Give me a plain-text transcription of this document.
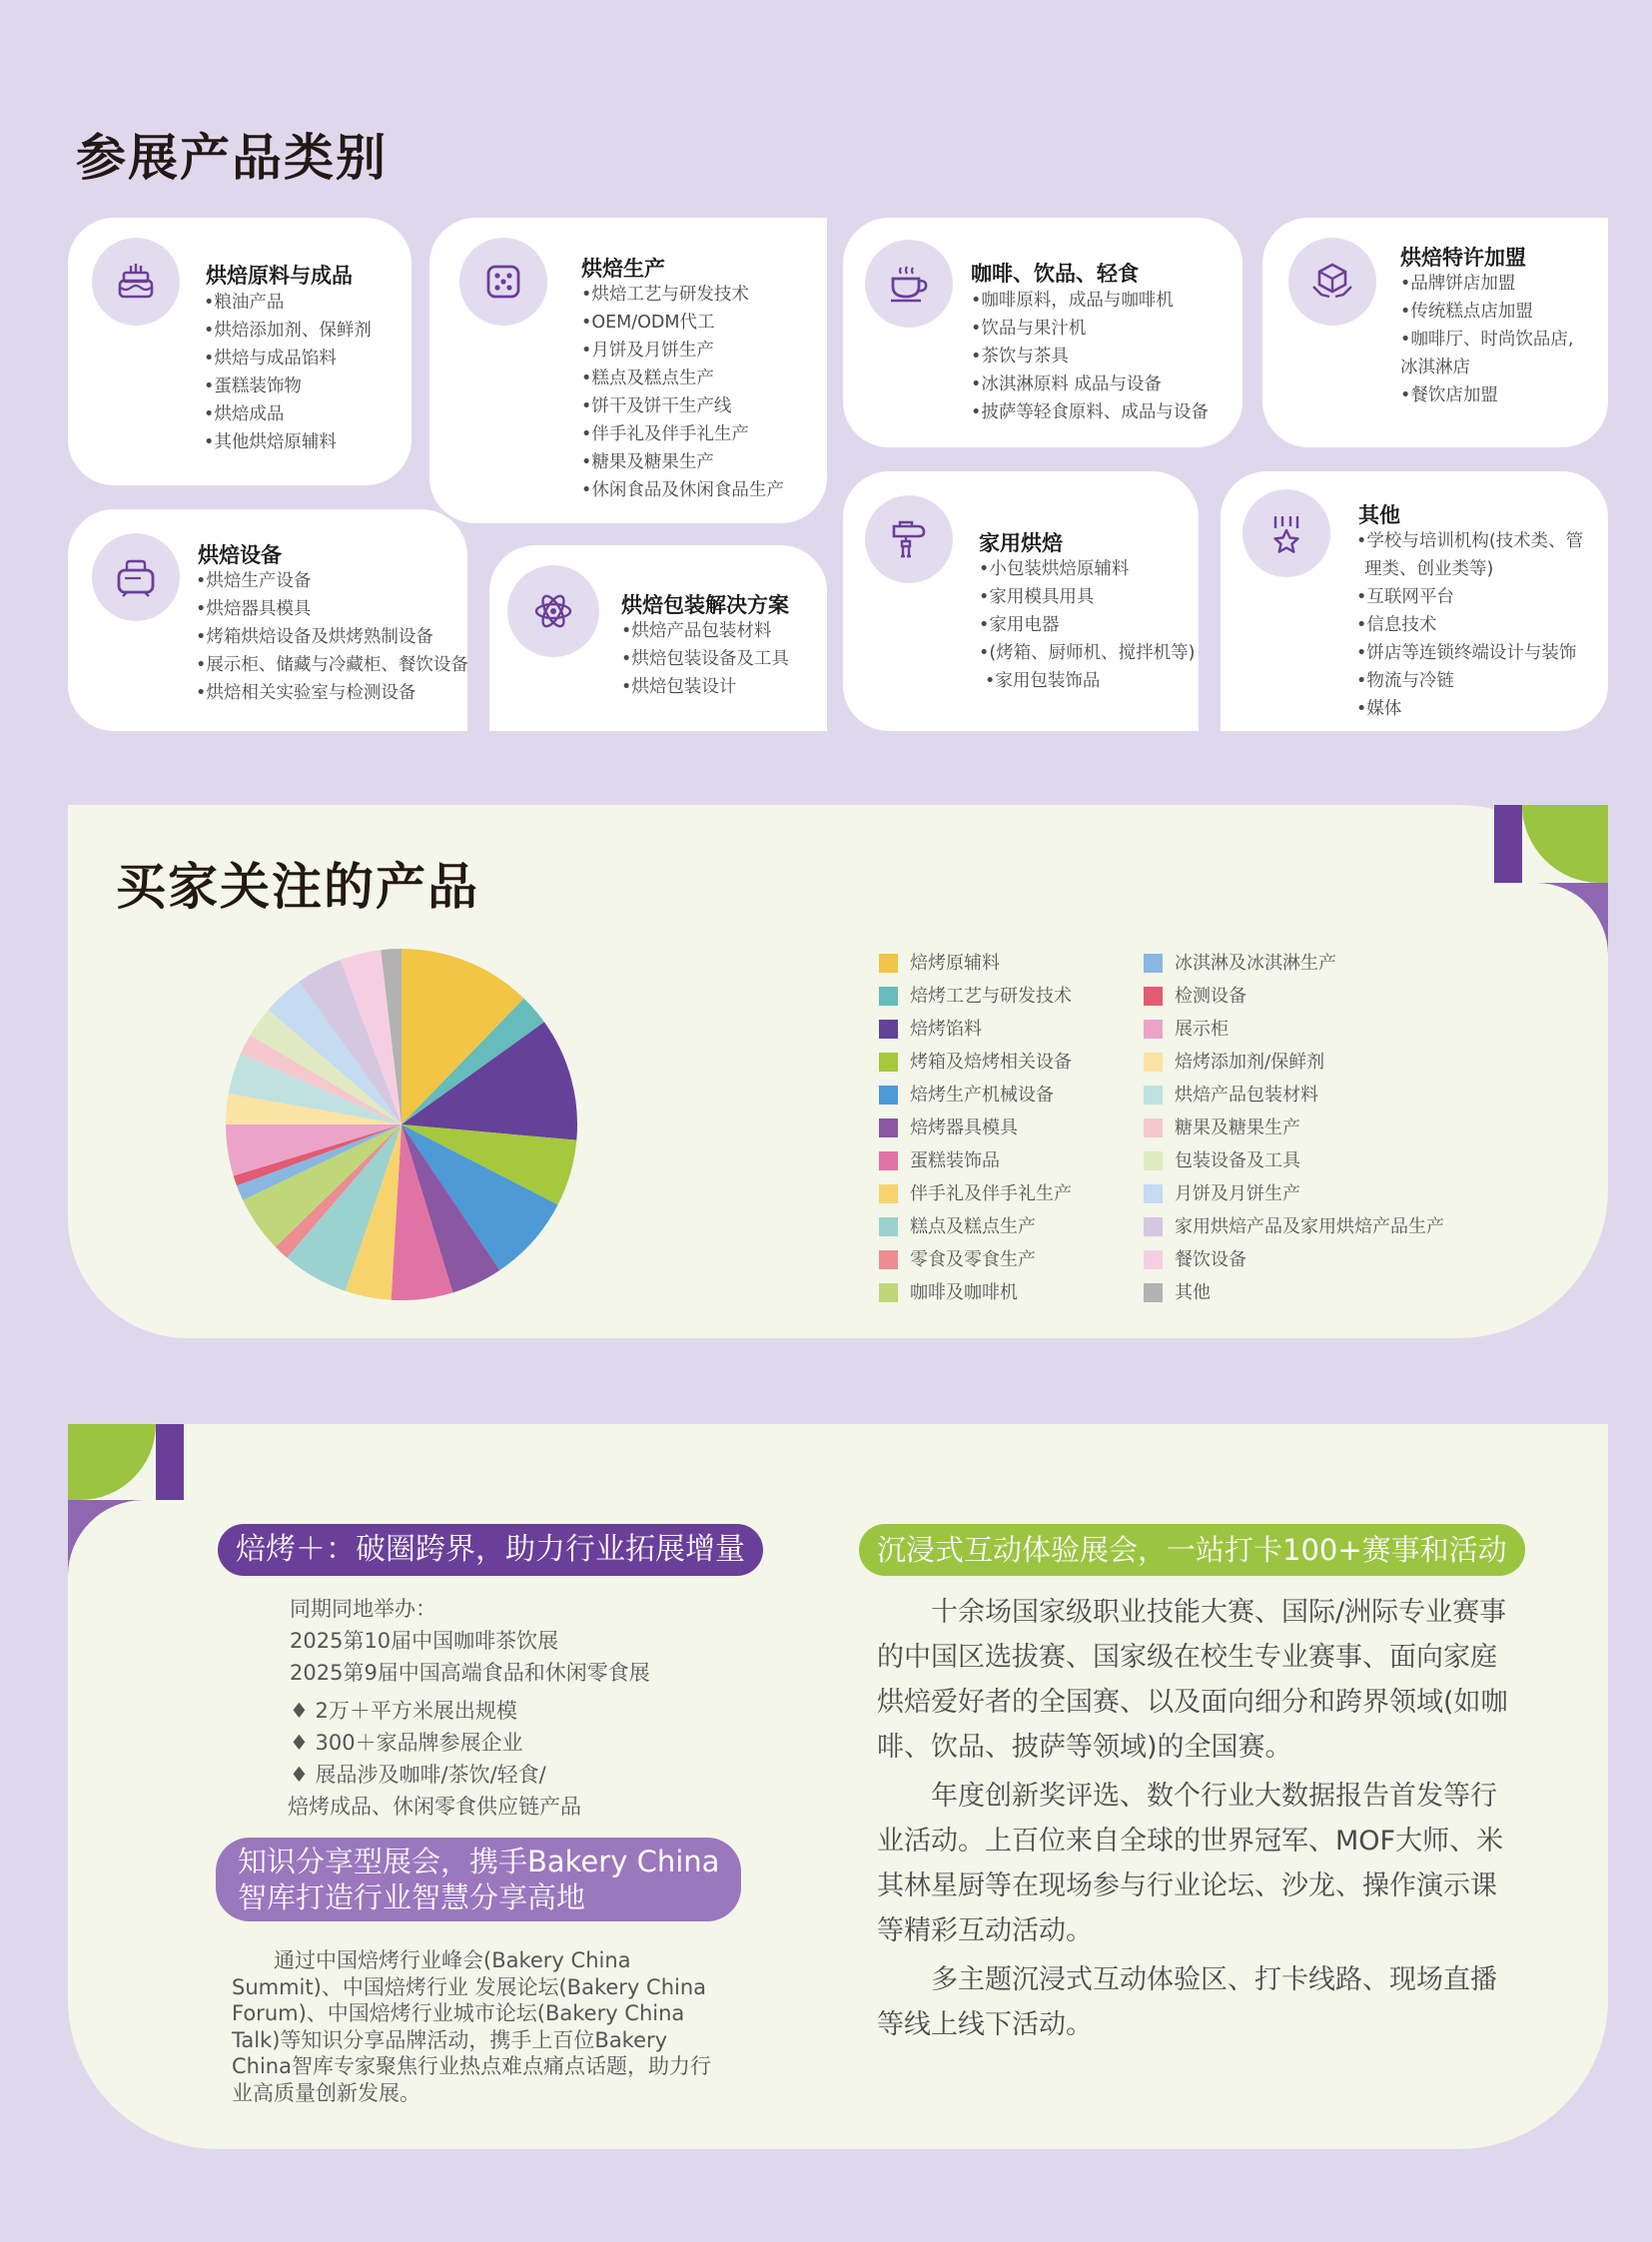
参展产品类别
烘焙原料与成品
• 粮油产品
• 烘焙添加剂、保鲜剂
• 烘焙与成品馅料
• 蛋糕装饰物
• 烘焙成品
• 其他烘焙原辅料
烘焙生产
• 烘焙工艺与研发技术
• OEM/ODM代工
• 月饼及月饼生产
• 糕点及糕点生产
• 饼干及饼干生产线
• 伴手礼及伴手礼生产
• 糖果及糖果生产
• 休闲食品及休闲食品生产
咖啡、饮品、轻食
• 咖啡原料，成品与咖啡机
• 饮品与果汁机
• 茶饮与茶具
• 冰淇淋原料 成品与设备
• 披萨等轻食原料、成品与设备
烘焙特许加盟
• 品牌饼店加盟
• 传统糕点店加盟
• 咖啡厅、时尚饮品店,
冰淇淋店
• 餐饮店加盟
烘焙设备
• 烘焙生产设备
• 烘焙器具模具
• 烤箱烘焙设备及烘烤熟制设备
• 展示柜、储藏与冷藏柜、餐饮设备
• 烘焙相关实验室与检测设备
烘焙包装解决方案
• 烘焙产品包装材料
• 烘焙包装设备及工具
• 烘焙包装设计
家用烘焙
• 小包装烘焙原辅料
• 家用模具用具
• 家用电器
• (烤箱、厨师机、搅拌机等)
• 家用包装饰品
其他
• 学校与培训机构(技术类、管
理类、创业类等)
• 互联网平台
• 信息技术
• 饼店等连锁终端设计与装饰
• 物流与冷链
• 媒体
买家关注的产品
焙烤原辅料
焙烤工艺与研发技术
焙烤馅料
烤箱及焙烤相关设备
焙烤生产机械设备
焙烤器具模具
蛋糕装饰品
伴手礼及伴手礼生产
糕点及糕点生产
零食及零食生产
咖啡及咖啡机
冰淇淋及冰淇淋生产
检测设备
展示柜
焙烤添加剂/保鲜剂
烘焙产品包装材料
糖果及糖果生产
包装设备及工具
月饼及月饼生产
家用烘焙产品及家用烘焙产品生产
餐饮设备
其他
焙烤＋：破圈跨界，助力行业拓展增量
同期同地举办：
2025第10届中国咖啡茶饮展
2025第9届中国高端食品和休闲零食展
♦ 2万＋平方米展出规模
♦ 300＋家品牌参展企业
♦ 展品涉及咖啡/茶饮/轻食/
焙烤成品、休闲零食供应链产品
知识分享型展会，携手Bakery China
智库打造行业智慧分享高地
通过中国焙烤行业峰会(Bakery China Summit)、中国焙烤行业 发展论坛(Bakery China Forum)、中国焙烤行业城市论坛(Bakery China Talk)等知识分享品牌活动，携手上百位Bakery China智库专家聚焦行业热点难点痛点话题，助力行业高质量创新发展。
沉浸式互动体验展会，一站打卡100+赛事和活动

十余场国家级职业技能大赛、国际/洲际专业赛事的中国区选拔赛、国家级在校生专业赛事、面向家庭烘焙爱好者的全国赛、以及面向细分和跨界领域(如咖啡、饮品、披萨等领域)的全国赛。

年度创新奖评选、数个行业大数据报告首发等行业活动。上百位来自全球的世界冠军、MOF大师、米其林星厨等在现场参与行业论坛、沙龙、操作演示课等精彩互动活动。

多主题沉浸式互动体验区、打卡线路、现场直播等线上线下活动。
